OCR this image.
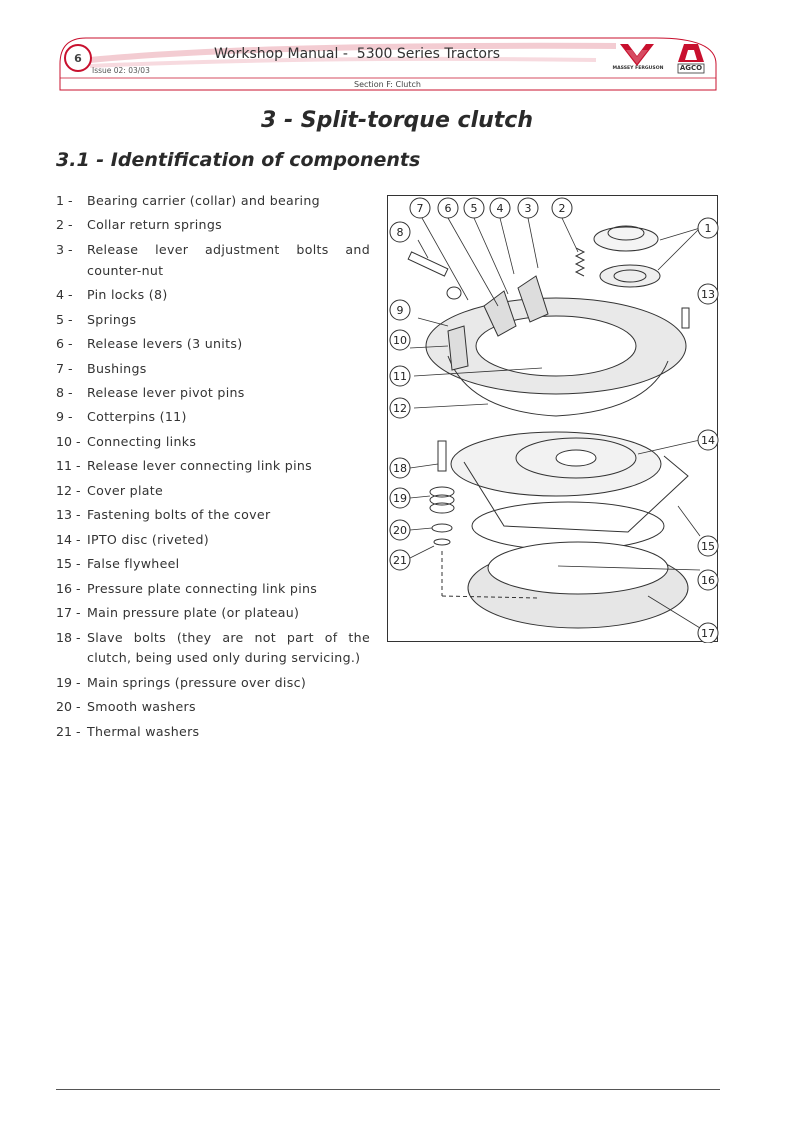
6	Workshop Manual -  5300 Series Tractors
Issue 02: 03/03
Section F: Clutch
MASSEY FERGUSON	AGCO
3 - Split-torque clutch
3.1 - Identification of components
1 -	Bearing carrier (collar) and bearing
2 -	Collar return springs
3 -	Release lever adjustment bolts and counter-nut
4 -	Pin locks (8)
5 -	Springs
6 -	Release levers (3 units)
7 -	Bushings
8 -	Release lever pivot pins
9 -	Cotterpins (11)
10 - Connecting links
11 - Release lever connecting link pins
12 - Cover plate
13 - Fastening bolts of the cover
14 - IPTO disc (riveted)
15 - False flywheel
16 - Pressure plate connecting link pins
17 - Main pressure plate (or plateau)
18 - Slave bolts (they are not part of the clutch, being used only during servicing.)
19 - Main springs (pressure over disc)
20 - Smooth washers
21 - Thermal washers
1
2
3
4
5
6
7
8
9
10
11
12
13
14
15
16
17
18
19
20
21
